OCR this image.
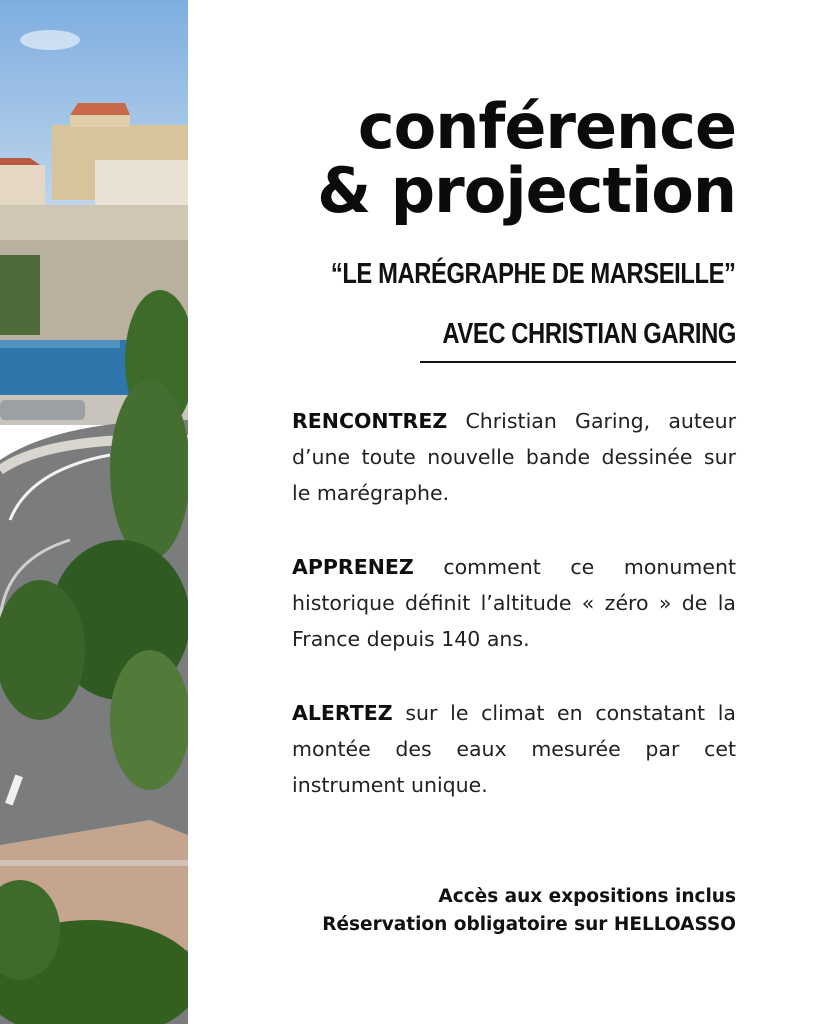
conférence
& projection
“LE MARÉGRAPHE DE MARSEILLE”
AVEC CHRISTIAN GARING
RENCONTREZ Christian Garing, auteur d’une toute nouvelle bande dessinée sur le marégraphe.
APPRENEZ comment ce monument historique définit l’altitude « zéro » de la France depuis 140 ans.
ALERTEZ sur le climat en constatant la montée des eaux mesurée par cet instrument unique.
Accès aux expositions inclus
Réservation obligatoire sur HELLOASSO
